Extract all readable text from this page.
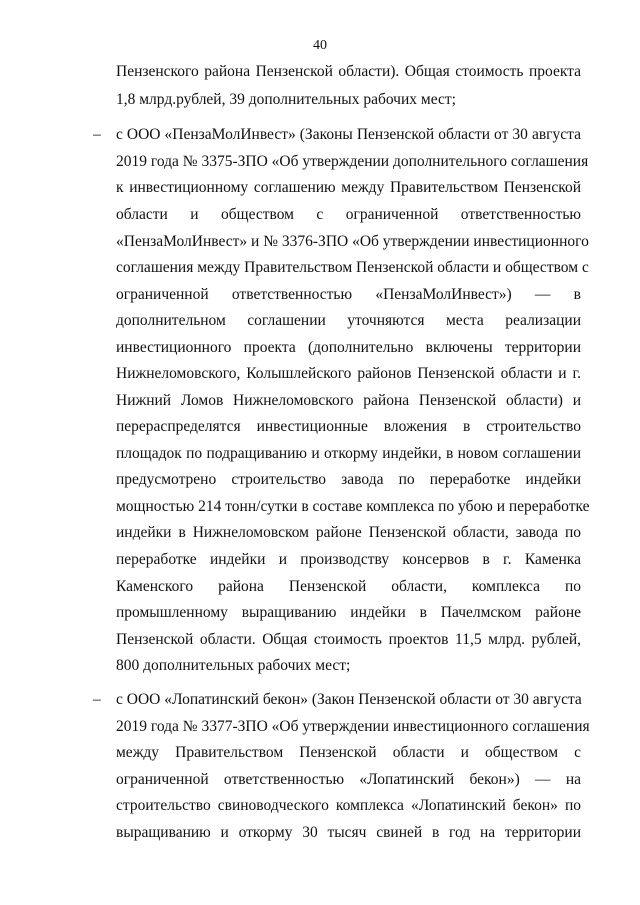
40
Пензенского района Пензенской области). Общая стоимость проекта
1,8 млрд.рублей, 39 дополнительных рабочих мест;
– с ООО «ПензаМолИнвест» (Законы Пензенской области от 30 августа
2019 года № 3375-ЗПО «Об утверждении дополнительного соглашения
к инвестиционному соглашению между Правительством Пензенской
области и обществом с ограниченной ответственностью
«ПензаМолИнвест» и № 3376-ЗПО «Об утверждении инвестиционного
соглашения между Правительством Пензенской области и обществом с
ограниченной ответственностью «ПензаМолИнвест») — в
дополнительном соглашении уточняются места реализации
инвестиционного проекта (дополнительно включены территории
Нижнеломовского, Колышлейского районов Пензенской области и г.
Нижний Ломов Нижнеломовского района Пензенской области) и
перераспределятся инвестиционные вложения в строительство
площадок по подращиванию и откорму индейки, в новом соглашении
предусмотрено строительство завода по переработке индейки
мощностью 214 тонн/сутки в составе комплекса по убою и переработке
индейки в Нижнеломовском районе Пензенской области, завода по
переработке индейки и производству консервов в г. Каменка
Каменского района Пензенской области, комплекса по
промышленному выращиванию индейки в Пачелмском районе
Пензенской области. Общая стоимость проектов 11,5 млрд. рублей,
800 дополнительных рабочих мест;
– с ООО «Лопатинский бекон» (Закон Пензенской области от 30 августа
2019 года № 3377-ЗПО «Об утверждении инвестиционного соглашения
между Правительством Пензенской области и обществом с
ограниченной ответственностью «Лопатинский бекон») — на
строительство свиноводческого комплекса «Лопатинский бекон» по
выращиванию и откорму 30 тысяч свиней в год на территории
